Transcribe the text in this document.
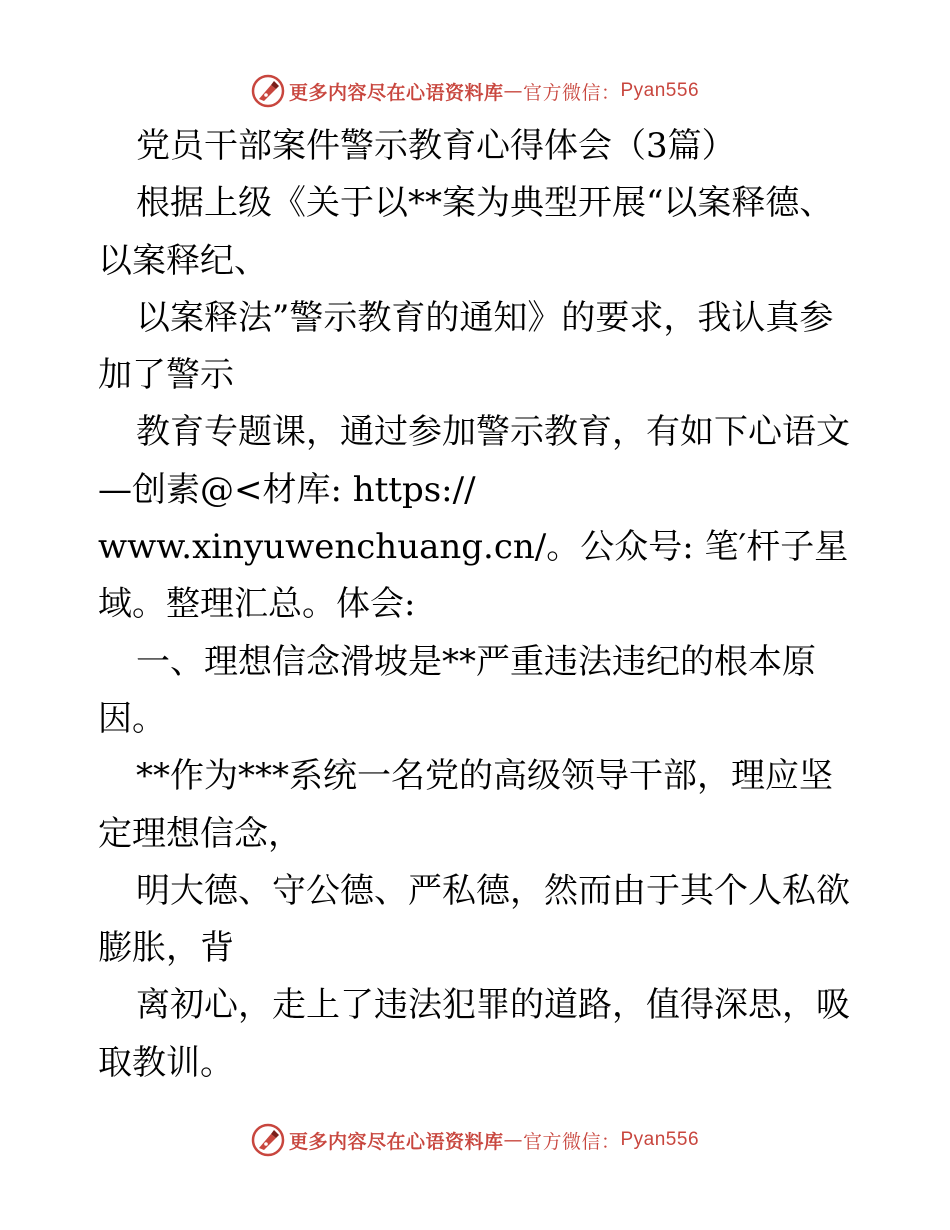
更多内容尽在心语资料库 — 官方微信： Pyan556

党员干部案件警示教育心得体会（3篇）

根据上级《关于以**案为典型开展“以案释德、

以案释纪、

以案释法”警示教育的通知》的要求，我认真参

加了警示

教育专题课，通过参加警示教育，有如下心语文

—创素@<材库: https://

www.xinyuwenchuang.cn/。公众号: 笔′杆子星

域。整理汇总。体会:

一、理想信念滑坡是**严重违法违纪的根本原

因。

**作为***系统一名党的高级领导干部，理应坚

定理想信念，

明大德、守公德、严私德，然而由于其个人私欲

膨胀，背

离初心，走上了违法犯罪的道路，值得深思，吸

取教训。

更多内容尽在心语资料库 — 官方微信： Pyan556
